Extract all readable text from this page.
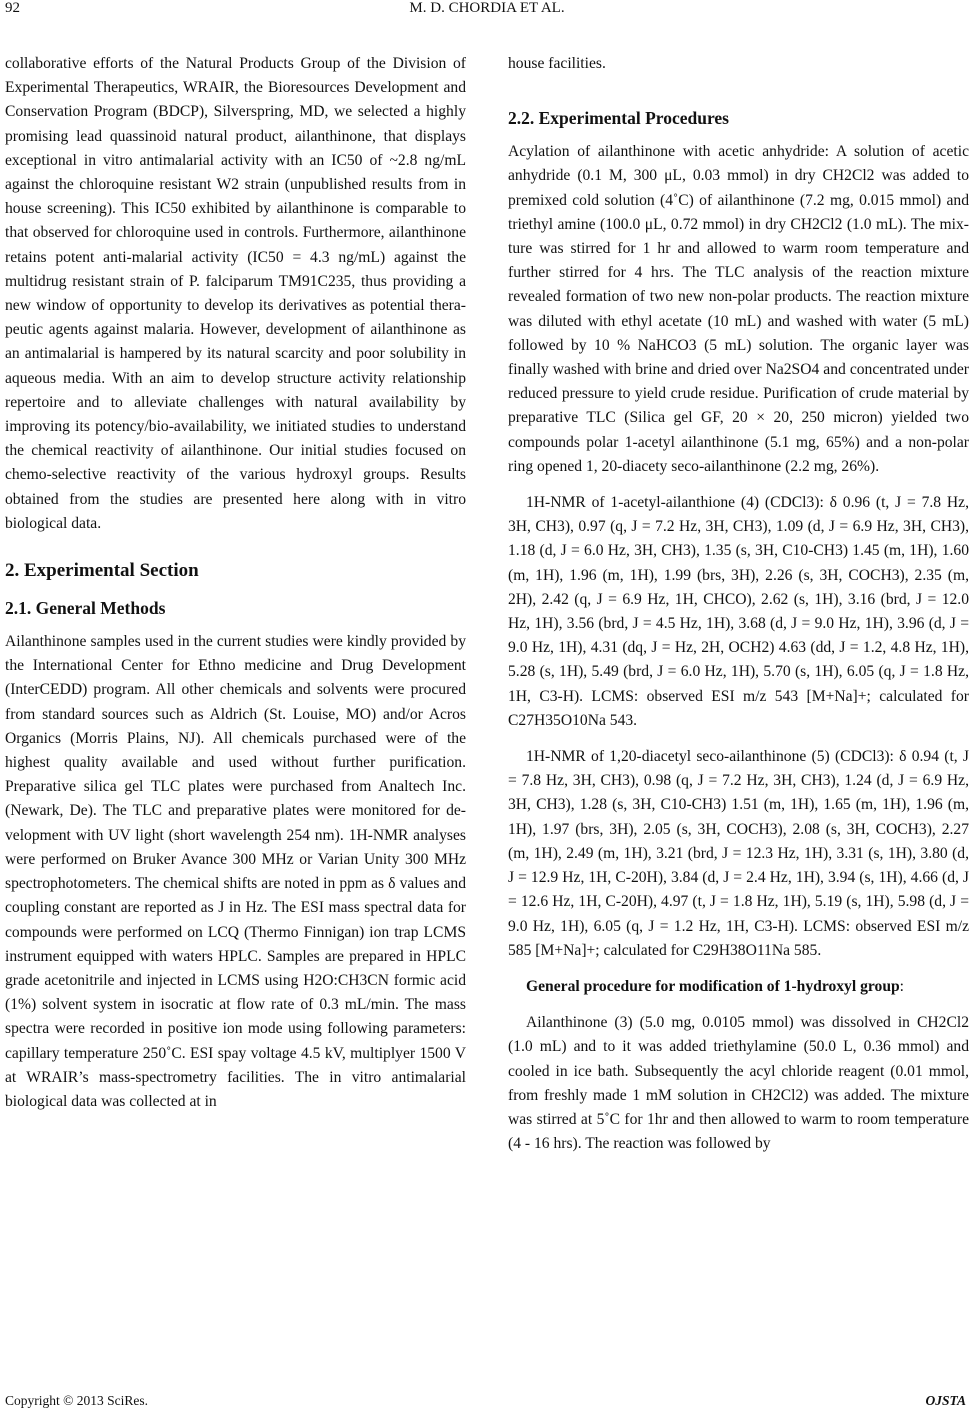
92	M. D. CHORDIA ET AL.

collaborative efforts of the Natural Products Group of the Division of Experimental Therapeutics, WRAIR, the Bioresources Development and Conservation Program (BDCP), Silverspring, MD, we selected a highly promising lead quassinoid natural product, ailanthinone, that displays exceptional in vitro antimalarial activity with an IC50 of ~2.8 ng/mL against the chloroquine resistant W2 strain (unpublished results from in house screening). This IC50 exhibited by ailanthinone is comparable to that observed for chloroquine used in controls. Furthermore, ailanthinone retains potent anti-malarial activity (IC50 = 4.3 ng/mL) against the multidrug resistant strain of P. falciparum TM91C235, thus providing a new window of opportunity to develop its derivatives as potential therapeutic agents against malaria. However, development of ailanthinone as an antimalarial is hampered by its natural scarcity and poor solubility in aqueous media. With an aim to develop structure activity relationship repertoire and to alleviate challenges with natural availability by improving its potency/bio-availability, we initiated studies to understand the chemical reactivity of ailanthinone. Our initial studies focused on chemo-selective reactivity of the various hydroxyl groups. Results obtained from the studies are presented here along with in vitro biological data.

2. Experimental Section
2.1. General Methods

Ailanthinone samples used in the current studies were kindly provided by the International Center for Ethno medicine and Drug Development (InterCEDD) program. All other chemicals and solvents were procured from standard sources such as Aldrich (St. Louise, MO) and/or Acros Organics (Morris Plains, NJ). All chemicals purchased were of the highest quality available and used without further purification. Preparative silica gel TLC plates were purchased from Analtech Inc. (Newark, De). The TLC and preparative plates were monitored for development with UV light (short wavelength 254 nm). 1H-NMR analyses were performed on Bruker Avance 300 MHz or Varian Unity 300 MHz spectrophotometers. The chemical shifts are noted in ppm as δ values and coupling constant are reported as J in Hz. The ESI mass spectral data for compounds were performed on LCQ (Thermo Finnigan) ion trap LCMS instrument equipped with waters HPLC. Samples are prepared in HPLC grade acetonitrile and injected in LCMS using H2O:CH3CN formic acid (1%) solvent system in isocratic at flow rate of 0.3 mL/min. The mass spectra were recorded in positive ion mode using following parameters: capillary temperature 250˚C. ESI spay voltage 4.5 kV, multiplyer 1500 V at WRAIR’s mass-spectrometry facilities. The in vitro antimalarial biological data was collected at in

house facilities.

2.2. Experimental Procedures

Acylation of ailanthinone with acetic anhydride: A solution of acetic anhydride (0.1 M, 300 μL, 0.03 mmol) in dry CH2Cl2 was added to premixed cold solution (4˚C) of ailanthinone (7.2 mg, 0.015 mmol) and triethyl amine (100.0 μL, 0.72 mmol) in dry CH2Cl2 (1.0 mL). The mixture was stirred for 1 hr and allowed to warm room temperature and further stirred for 4 hrs. The TLC analysis of the reaction mixture revealed formation of two new non-polar products. The reaction mixture was diluted with ethyl acetate (10 mL) and washed with water (5 mL) followed by 10 % NaHCO3 (5 mL) solution. The organic layer was finally washed with brine and dried over Na2SO4 and concentrated under reduced pressure to yield crude residue. Purification of crude material by preparative TLC (Silica gel GF, 20 × 20, 250 micron) yielded two compounds polar 1-acetyl ailanthinone (5.1 mg, 65%) and a non-polar ring opened 1, 20-diacety seco-ailanthinone (2.2 mg, 26%).

1H-NMR of 1-acetyl-ailanthione (4) (CDCl3): δ 0.96 (t, J = 7.8 Hz, 3H, CH3), 0.97 (q, J = 7.2 Hz, 3H, CH3), 1.09 (d, J = 6.9 Hz, 3H, CH3), 1.18 (d, J = 6.0 Hz, 3H, CH3), 1.35 (s, 3H, C10-CH3) 1.45 (m, 1H), 1.60 (m, 1H), 1.96 (m, 1H), 1.99 (brs, 3H), 2.26 (s, 3H, COCH3), 2.35 (m, 2H), 2.42 (q, J = 6.9 Hz, 1H, CHCO), 2.62 (s, 1H), 3.16 (brd, J = 12.0 Hz, 1H), 3.56 (brd, J = 4.5 Hz, 1H), 3.68 (d, J = 9.0 Hz, 1H), 3.96 (d, J = 9.0 Hz, 1H), 4.31 (dq, J = Hz, 2H, OCH2) 4.63 (dd, J = 1.2, 4.8 Hz, 1H), 5.28 (s, 1H), 5.49 (brd, J = 6.0 Hz, 1H), 5.70 (s, 1H), 6.05 (q, J = 1.8 Hz, 1H, C3-H). LCMS: observed ESI m/z 543 [M+Na]+; calculated for C27H35O10Na 543.

1H-NMR of 1,20-diacetyl seco-ailanthinone (5) (CDCl3): δ 0.94 (t, J = 7.8 Hz, 3H, CH3), 0.98 (q, J = 7.2 Hz, 3H, CH3), 1.24 (d, J = 6.9 Hz, 3H, CH3), 1.28 (s, 3H, C10-CH3) 1.51 (m, 1H), 1.65 (m, 1H), 1.96 (m, 1H), 1.97 (brs, 3H), 2.05 (s, 3H, COCH3), 2.08 (s, 3H, COCH3), 2.27 (m, 1H), 2.49 (m, 1H), 3.21 (brd, J = 12.3 Hz, 1H), 3.31 (s, 1H), 3.80 (d, J = 12.9 Hz, 1H, C-20H), 3.84 (d, J = 2.4 Hz, 1H), 3.94 (s, 1H), 4.66 (d, J = 12.6 Hz, 1H, C-20H), 4.97 (t, J = 1.8 Hz, 1H), 5.19 (s, 1H), 5.98 (d, J = 9.0 Hz, 1H), 6.05 (q, J = 1.2 Hz, 1H, C3-H). LCMS: observed ESI m/z 585 [M+Na]+; calculated for C29H38O11Na 585.

General procedure for modification of 1-hydroxyl group:

Ailanthinone (3) (5.0 mg, 0.0105 mmol) was dissolved in CH2Cl2 (1.0 mL) and to it was added triethylamine (50.0 L, 0.36 mmol) and cooled in ice bath. Subsequently the acyl chloride reagent (0.01 mmol, from freshly made 1 mM solution in CH2Cl2) was added. The mixture was stirred at 5˚C for 1hr and then allowed to warm to room temperature (4 - 16 hrs). The reaction was followed by

Copyright © 2013 SciRes.	OJSTA
